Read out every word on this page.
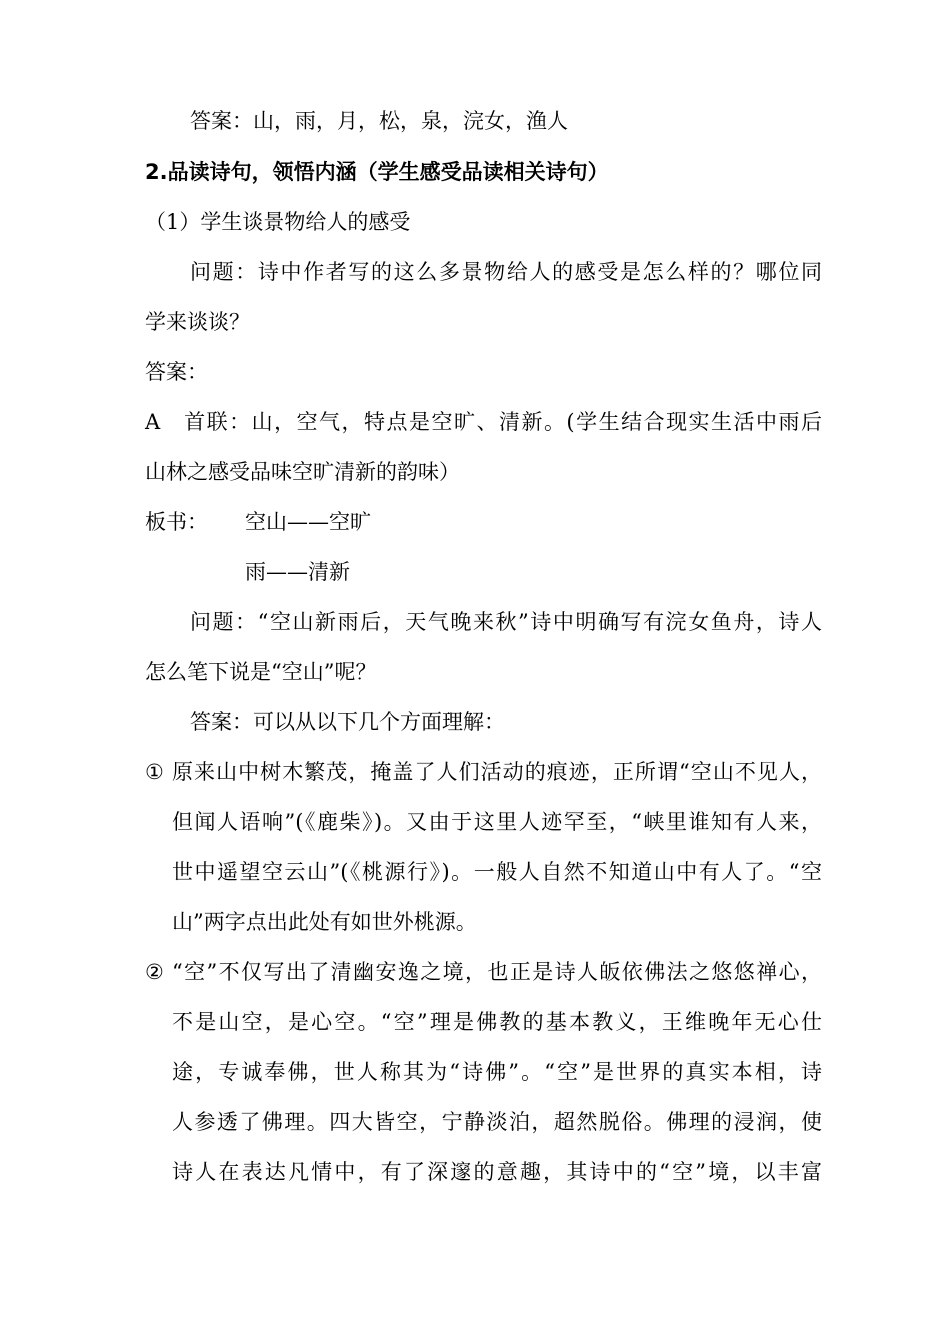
答案：山，雨，月，松，泉，浣女，渔人
2.品读诗句，领悟内涵（学生感受品读相关诗句）
（1）学生谈景物给人的感受
问题：诗中作者写的这么多景物给人的感受是怎么样的？哪位同
学来谈谈？
答案：
A　首联：山，空气，特点是空旷、清新。(学生结合现实生活中雨后
山林之感受品味空旷清新的韵味）
板书： 空山——空旷
雨——清新
问题：“空山新雨后，天气晚来秋”诗中明确写有浣女鱼舟，诗人
怎么笔下说是“空山”呢？
答案：可以从以下几个方面理解：
① 原来山中树木繁茂，掩盖了人们活动的痕迹，正所谓“空山不见人，
但闻人语响”(《鹿柴》)。又由于这里人迹罕至，“峡里谁知有人来，
世中遥望空云山”(《桃源行》)。一般人自然不知道山中有人了。“空
山”两字点出此处有如世外桃源。
② “空”不仅写出了清幽安逸之境，也正是诗人皈依佛法之悠悠禅心，
不是山空，是心空。“空”理是佛教的基本教义，王维晚年无心仕
途，专诚奉佛，世人称其为“诗佛”。“空”是世界的真实本相，诗
人参透了佛理。四大皆空，宁静淡泊，超然脱俗。佛理的浸润，使
诗人在表达凡情中，有了深邃的意趣，其诗中的“空”境，以丰富
